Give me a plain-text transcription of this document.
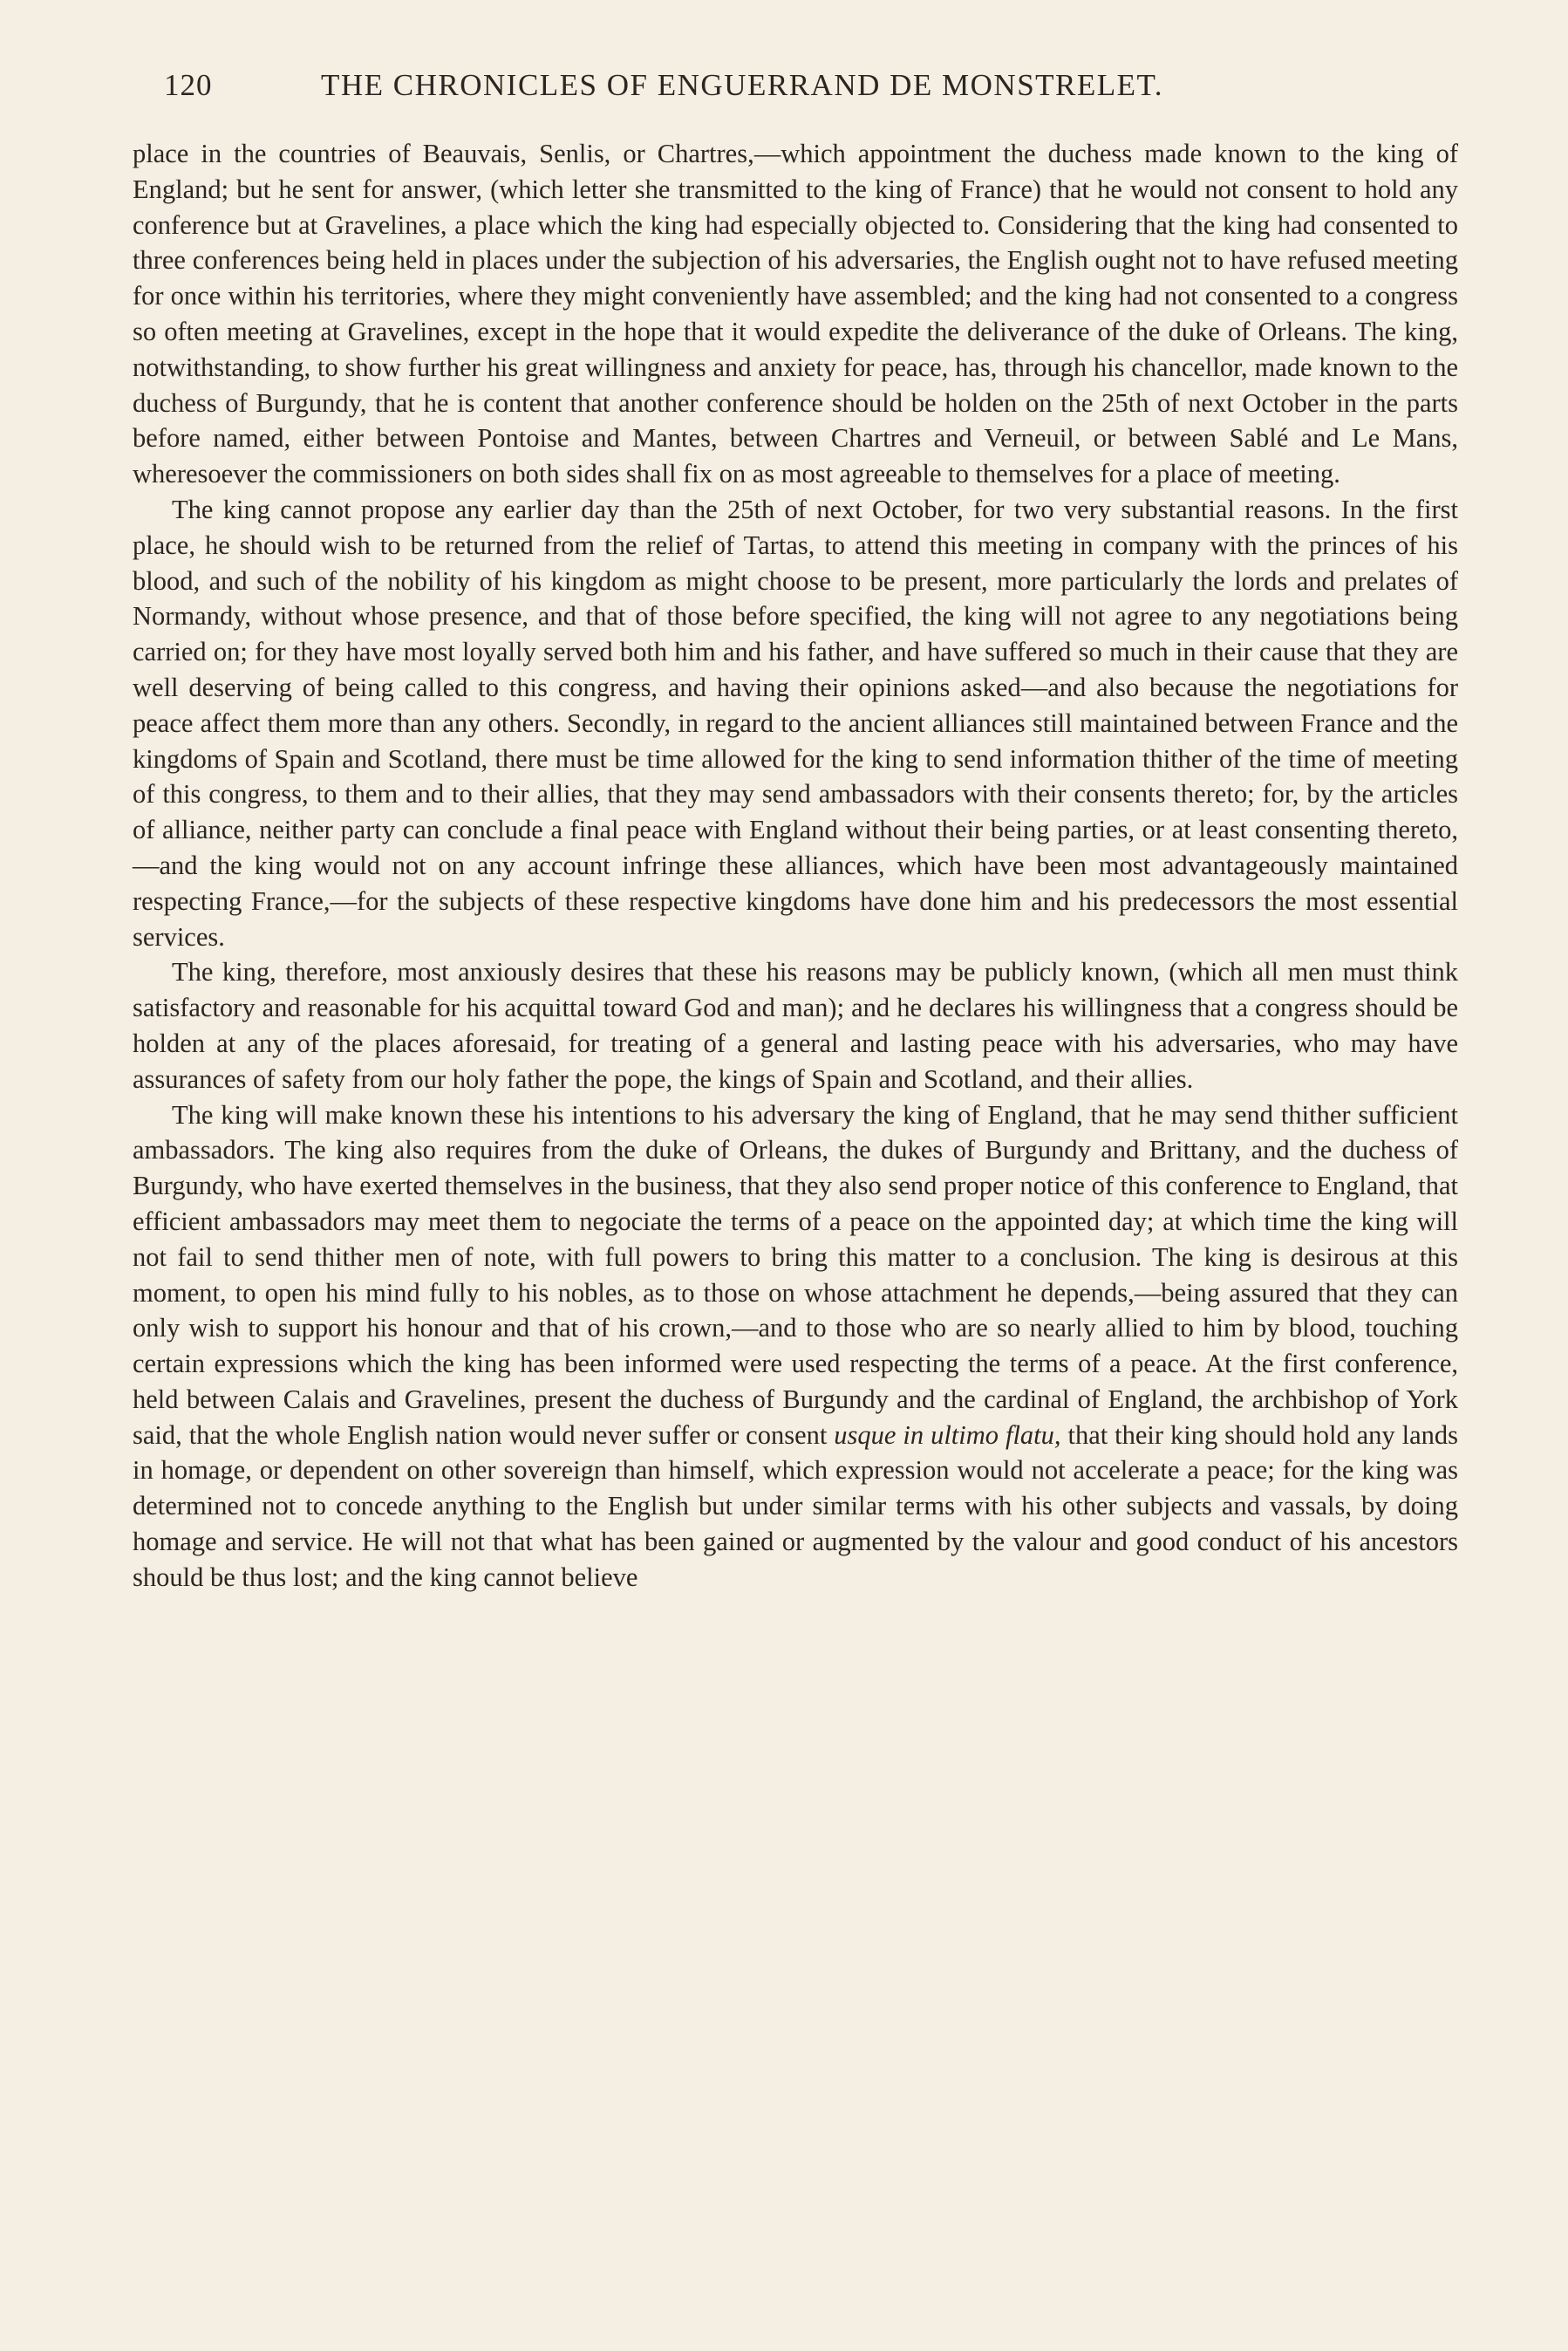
120	THE CHRONICLES OF ENGUERRAND DE MONSTRELET.

place in the countries of Beauvais, Senlis, or Chartres,—which appointment the duchess made known to the king of England; but he sent for answer, (which letter she transmitted to the king of France) that he would not consent to hold any conference but at Gravelines, a place which the king had especially objected to. Considering that the king had consented to three conferences being held in places under the subjection of his adversaries, the English ought not to have refused meeting for once within his territories, where they might conveniently have assembled; and the king had not consented to a congress so often meeting at Gravelines, except in the hope that it would expedite the deliverance of the duke of Orleans. The king, notwithstanding, to show further his great willingness and anxiety for peace, has, through his chancellor, made known to the duchess of Burgundy, that he is content that another conference should be holden on the 25th of next October in the parts before named, either between Pontoise and Mantes, between Chartres and Verneuil, or between Sablé and Le Mans, wheresoever the commissioners on both sides shall fix on as most agreeable to themselves for a place of meeting.

The king cannot propose any earlier day than the 25th of next October, for two very substantial reasons. In the first place, he should wish to be returned from the relief of Tartas, to attend this meeting in company with the princes of his blood, and such of the nobility of his kingdom as might choose to be present, more particularly the lords and prelates of Normandy, without whose presence, and that of those before specified, the king will not agree to any negotiations being carried on; for they have most loyally served both him and his father, and have suffered so much in their cause that they are well deserving of being called to this congress, and having their opinions asked—and also because the negotiations for peace affect them more than any others. Secondly, in regard to the ancient alliances still maintained between France and the kingdoms of Spain and Scotland, there must be time allowed for the king to send information thither of the time of meeting of this congress, to them and to their allies, that they may send ambassadors with their consents thereto; for, by the articles of alliance, neither party can conclude a final peace with England without their being parties, or at least consenting thereto,—and the king would not on any account infringe these alliances, which have been most advantageously maintained respecting France,—for the subjects of these respective kingdoms have done him and his predecessors the most essential services.

The king, therefore, most anxiously desires that these his reasons may be publicly known, (which all men must think satisfactory and reasonable for his acquittal toward God and man); and he declares his willingness that a congress should be holden at any of the places aforesaid, for treating of a general and lasting peace with his adversaries, who may have assurances of safety from our holy father the pope, the kings of Spain and Scotland, and their allies.

The king will make known these his intentions to his adversary the king of England, that he may send thither sufficient ambassadors. The king also requires from the duke of Orleans, the dukes of Burgundy and Brittany, and the duchess of Burgundy, who have exerted themselves in the business, that they also send proper notice of this conference to England, that efficient ambassadors may meet them to negociate the terms of a peace on the appointed day; at which time the king will not fail to send thither men of note, with full powers to bring this matter to a conclusion. The king is desirous at this moment, to open his mind fully to his nobles, as to those on whose attachment he depends,—being assured that they can only wish to support his honour and that of his crown,—and to those who are so nearly allied to him by blood, touching certain expressions which the king has been informed were used respecting the terms of a peace. At the first conference, held between Calais and Gravelines, present the duchess of Burgundy and the cardinal of England, the archbishop of York said, that the whole English nation would never suffer or consent usque in ultimo flatu, that their king should hold any lands in homage, or dependent on other sovereign than himself, which expression would not accelerate a peace; for the king was determined not to concede anything to the English but under similar terms with his other subjects and vassals, by doing homage and service. He will not that what has been gained or augmented by the valour and good conduct of his ancestors should be thus lost; and the king cannot believe
